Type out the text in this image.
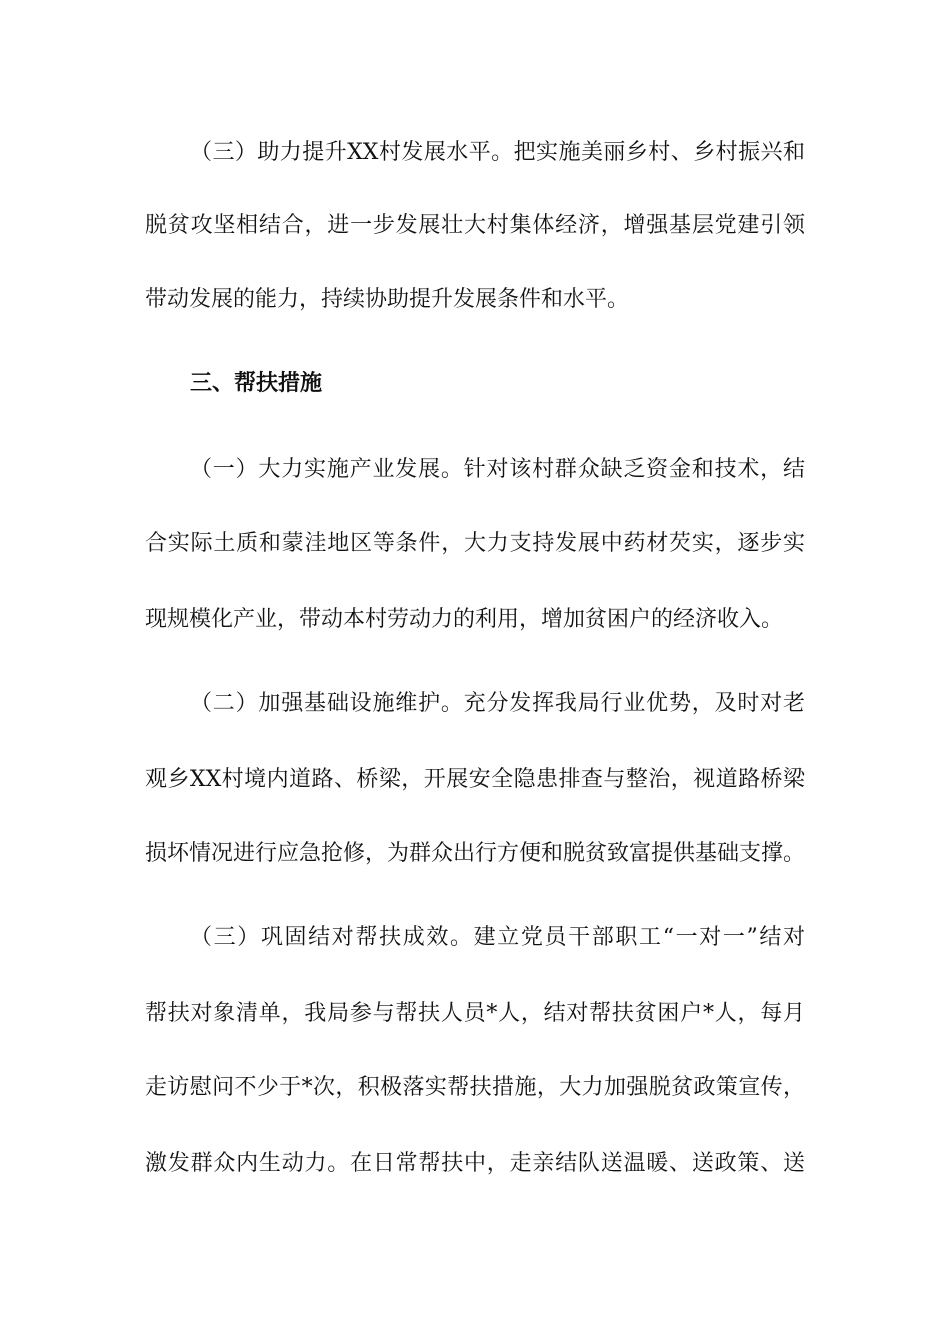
（三）助力提升XX村发展水平。把实施美丽乡村、乡村振兴和
脱贫攻坚相结合，进一步发展壮大村集体经济，增强基层党建引领
带动发展的能力，持续协助提升发展条件和水平。
三、帮扶措施
（一）大力实施产业发展。针对该村群众缺乏资金和技术，结
合实际土质和蒙洼地区等条件，大力支持发展中药材芡实，逐步实
现规模化产业，带动本村劳动力的利用，增加贫困户的经济收入。
（二）加强基础设施维护。充分发挥我局行业优势，及时对老
观乡XX村境内道路、桥梁，开展安全隐患排查与整治，视道路桥梁
损坏情况进行应急抢修，为群众出行方便和脱贫致富提供基础支撑。
（三）巩固结对帮扶成效。建立党员干部职工“一对一”结对
帮扶对象清单，我局参与帮扶人员*人，结对帮扶贫困户*人，每月
走访慰问不少于*次，积极落实帮扶措施，大力加强脱贫政策宣传，
激发群众内生动力。在日常帮扶中，走亲结队送温暖、送政策、送
